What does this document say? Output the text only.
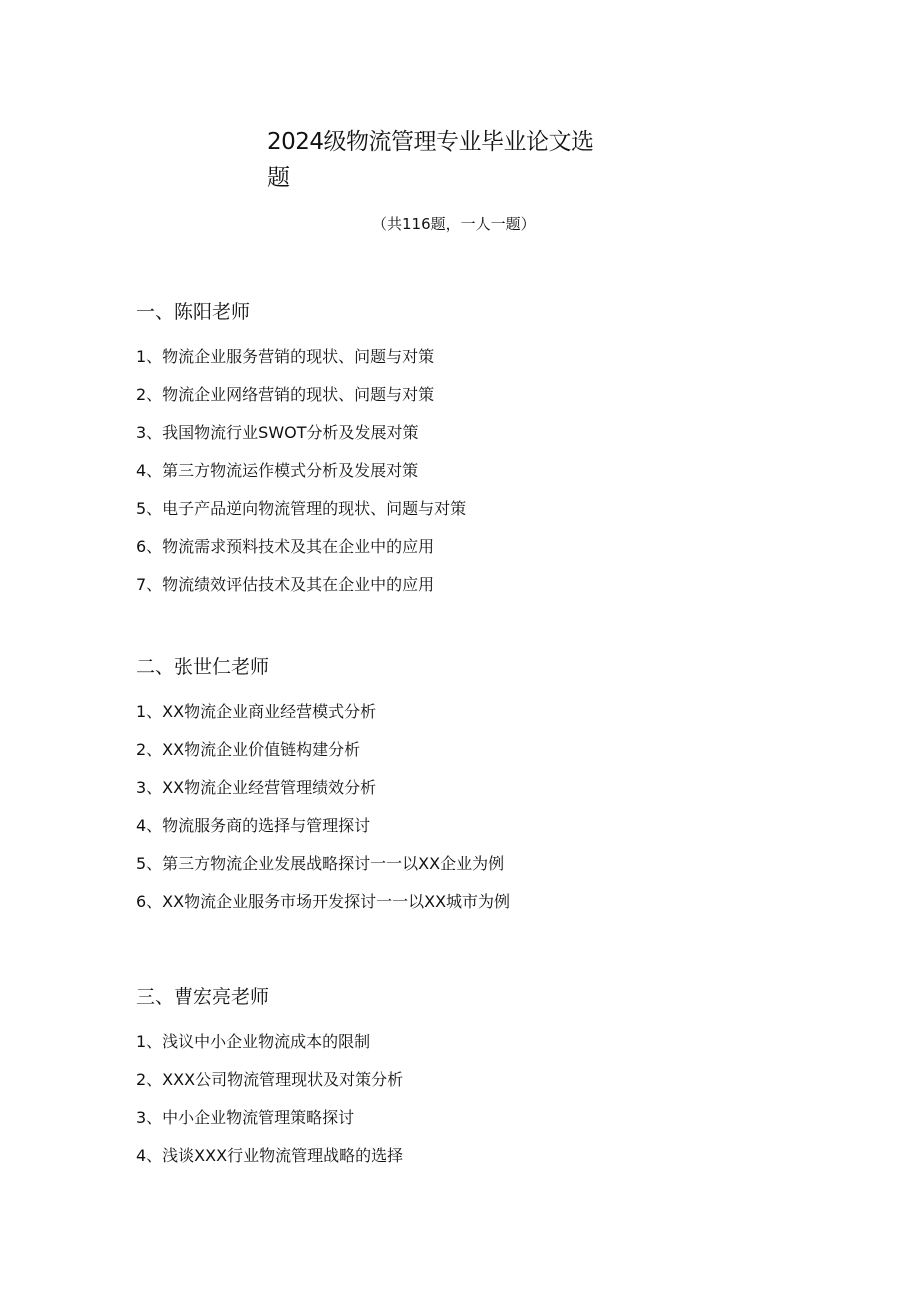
2024级物流管理专业毕业论文选题

（共116题，一人一题）

一、陈阳老师
1、物流企业服务营销的现状、问题与对策
2、物流企业网络营销的现状、问题与对策
3、我国物流行业SWOT分析及发展对策
4、第三方物流运作模式分析及发展对策
5、电子产品逆向物流管理的现状、问题与对策
6、物流需求预料技术及其在企业中的应用
7、物流绩效评估技术及其在企业中的应用
二、张世仁老师
1、XX物流企业商业经营模式分析
2、XX物流企业价值链构建分析
3、XX物流企业经营管理绩效分析
4、物流服务商的选择与管理探讨
5、第三方物流企业发展战略探讨一一以XX企业为例
6、XX物流企业服务市场开发探讨一一以XX城市为例
三、曹宏亮老师
1、浅议中小企业物流成本的限制
2、XXX公司物流管理现状及对策分析
3、中小企业物流管理策略探讨
4、浅谈XXX行业物流管理战略的选择
